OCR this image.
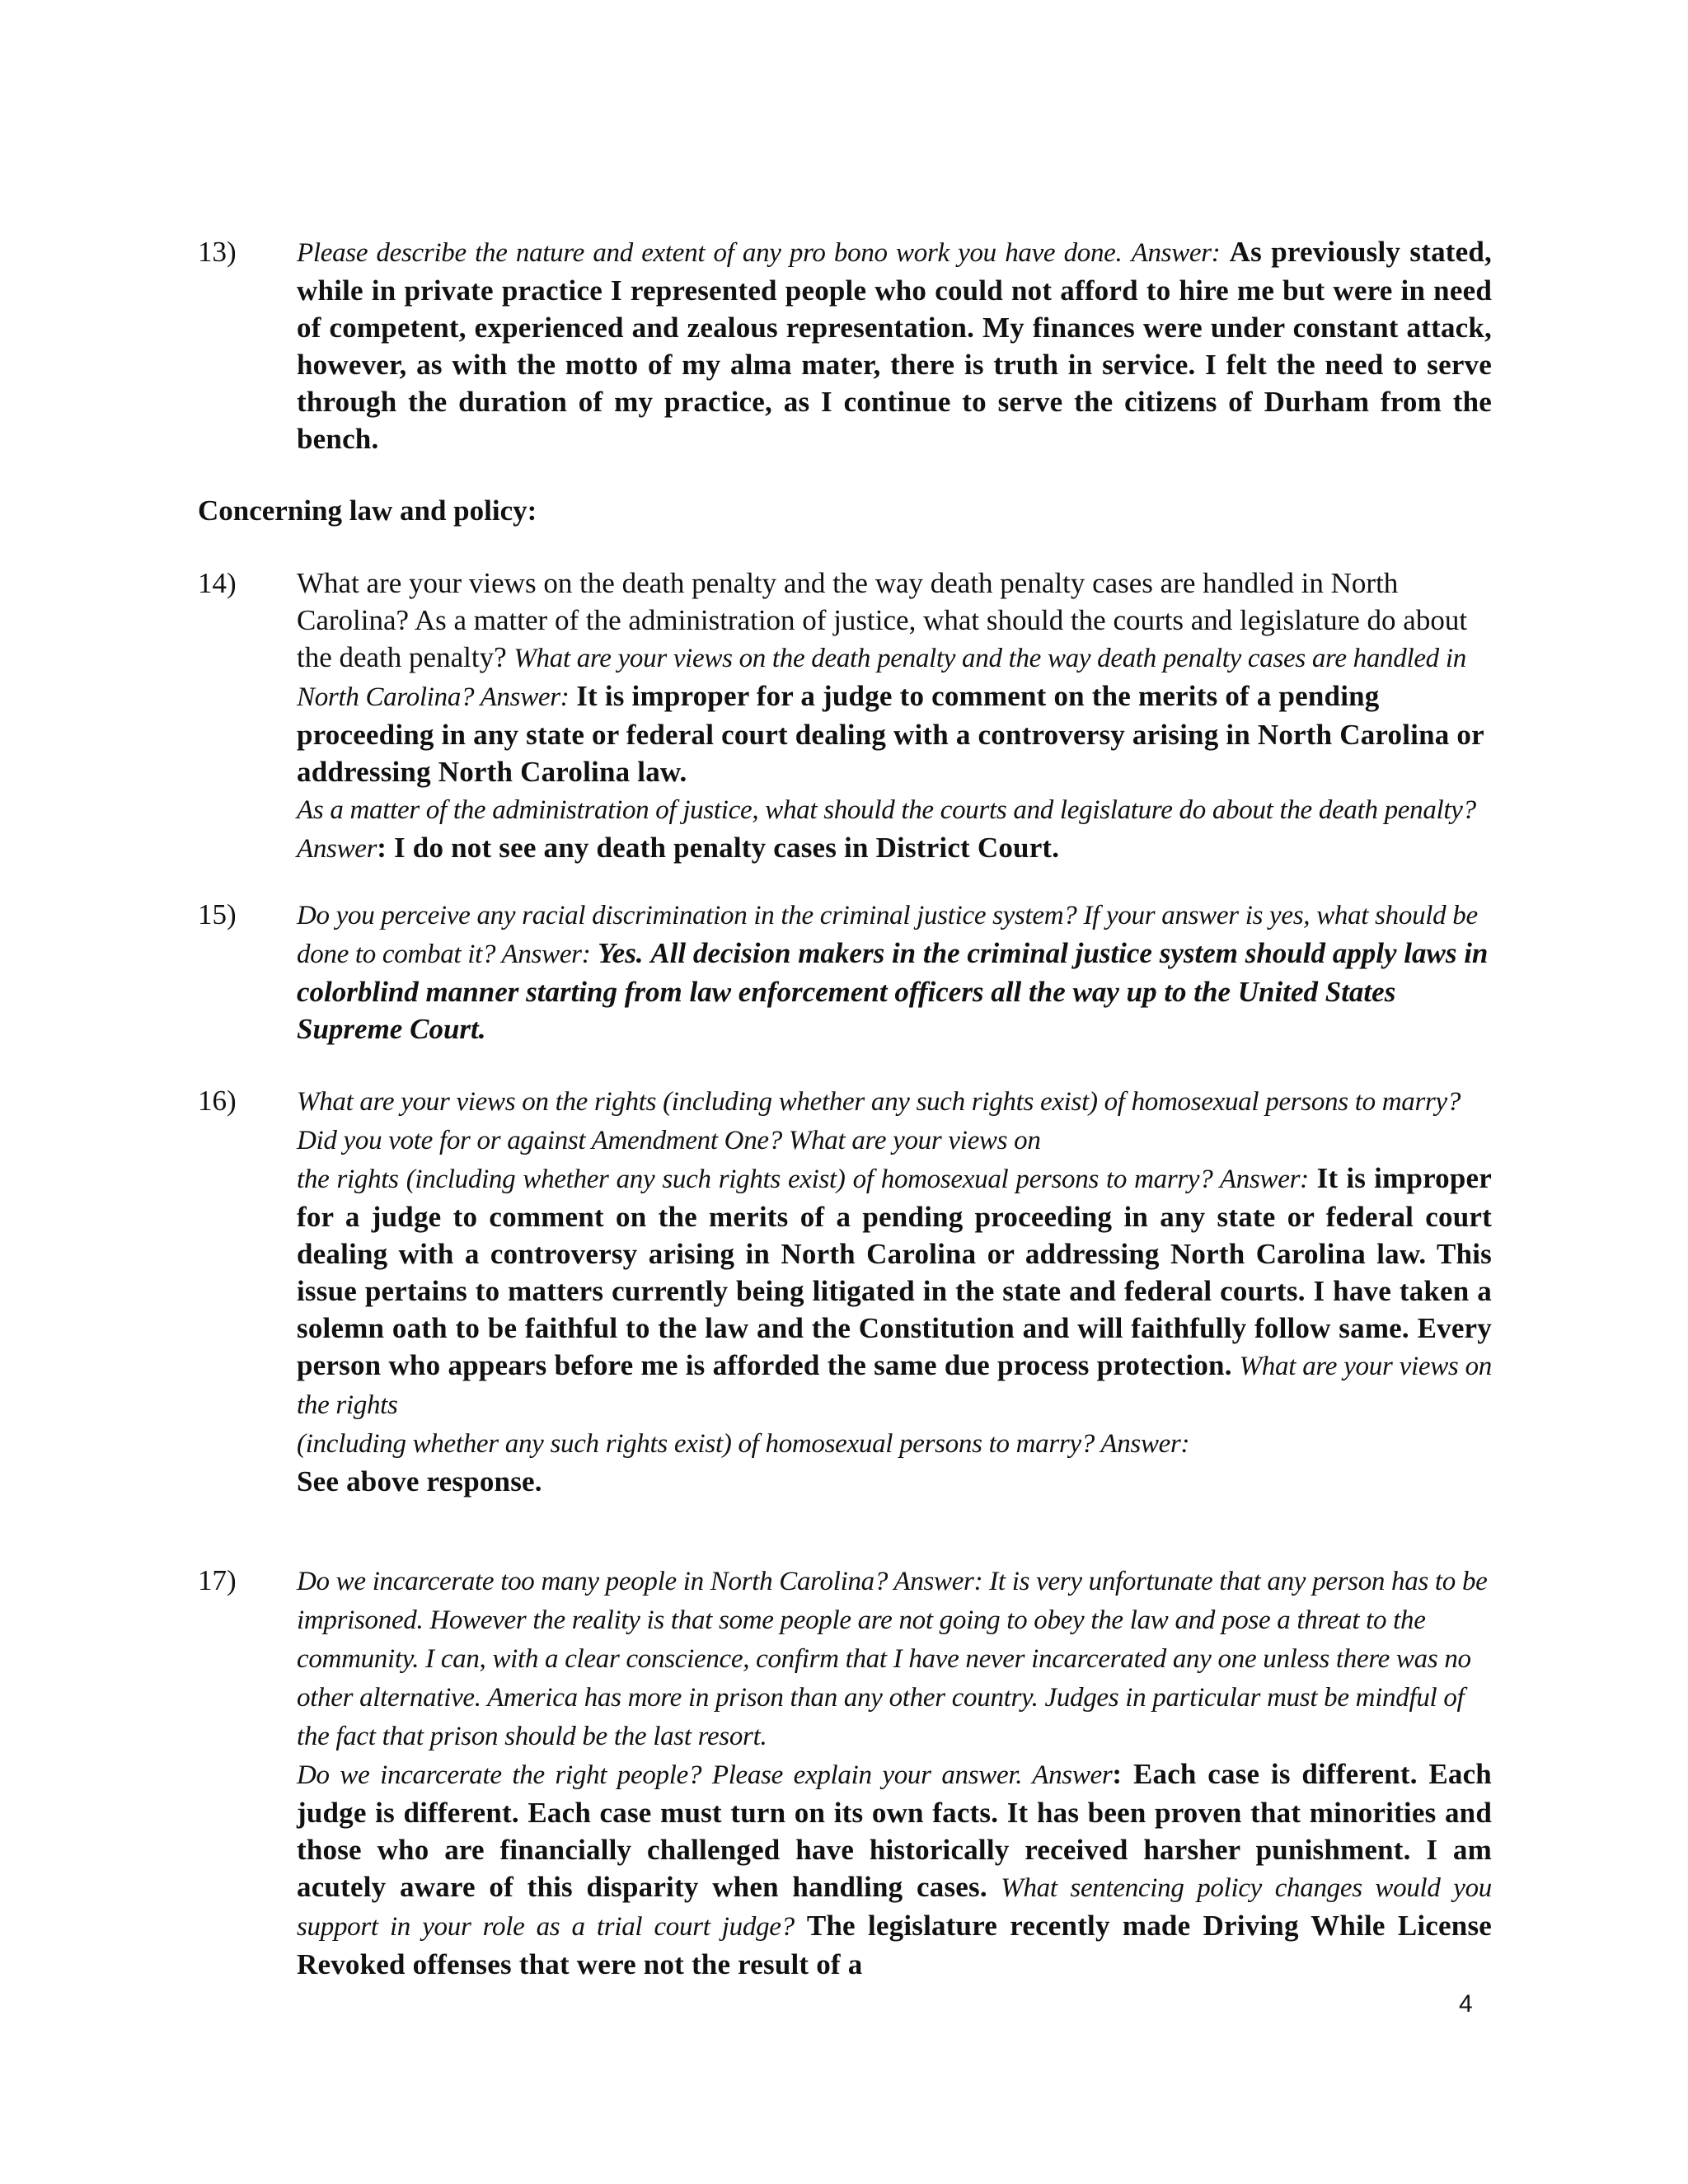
13)	Please describe the nature and extent of any pro bono work you have done. Answer: As previously stated, while in private practice I represented people who could not afford to hire me but were in need of competent, experienced and zealous representation. My finances were under constant attack, however, as with the motto of my alma mater, there is truth in service. I felt the need to serve through the duration of my practice, as I continue to serve the citizens of Durham from the bench.
Concerning law and policy:
14)	What are your views on the death penalty and the way death penalty cases are handled in North Carolina? As a matter of the administration of justice, what should the courts and legislature do about the death penalty? What are your views on the death penalty and the way death penalty cases are handled in North Carolina? Answer: It is improper for a judge to comment on the merits of a pending proceeding in any state or federal court dealing with a controversy arising in North Carolina or addressing North Carolina law.
As a matter of the administration of justice, what should the courts and legislature do about the death penalty? Answer: I do not see any death penalty cases in District Court.
15)	Do you perceive any racial discrimination in the criminal justice system? If your answer is yes, what should be done to combat it? Answer: Yes. All decision makers in the criminal justice system should apply laws in colorblind manner starting from law enforcement officers all the way up to the United States Supreme Court.
16)	What are your views on the rights (including whether any such rights exist) of homosexual persons to marry? Did you vote for or against Amendment One? What are your views on

the rights (including whether any such rights exist) of homosexual persons to marry? Answer: It is improper for a judge to comment on the merits of a pending proceeding in any state or federal court dealing with a controversy arising in North Carolina or addressing North Carolina law. This issue pertains to matters currently being litigated in the state and federal courts. I have taken a solemn oath to be faithful to the law and the Constitution and will faithfully follow same. Every person who appears before me is afforded the same due process protection. What are your views on the rights
(including whether any such rights exist) of homosexual persons to marry? Answer:
See above response.
17)	Do we incarcerate too many people in North Carolina? Answer: It is very unfortunate that any person has to be imprisoned. However the reality is that some people are not going to obey the law and pose a threat to the community. I can, with a clear conscience, confirm that I have never incarcerated any one unless there was no other alternative. America has more in prison than any other country. Judges in particular must be mindful of the fact that prison should be the last resort.
Do we incarcerate the right people? Please explain your answer. Answer: Each case is different. Each judge is different. Each case must turn on its own facts. It has been proven that minorities and those who are financially challenged have historically received harsher punishment. I am acutely aware of this disparity when handling cases. What sentencing policy changes would you support in your role as a trial court judge? The legislature recently made Driving While License Revoked offenses that were not the result of a
4
